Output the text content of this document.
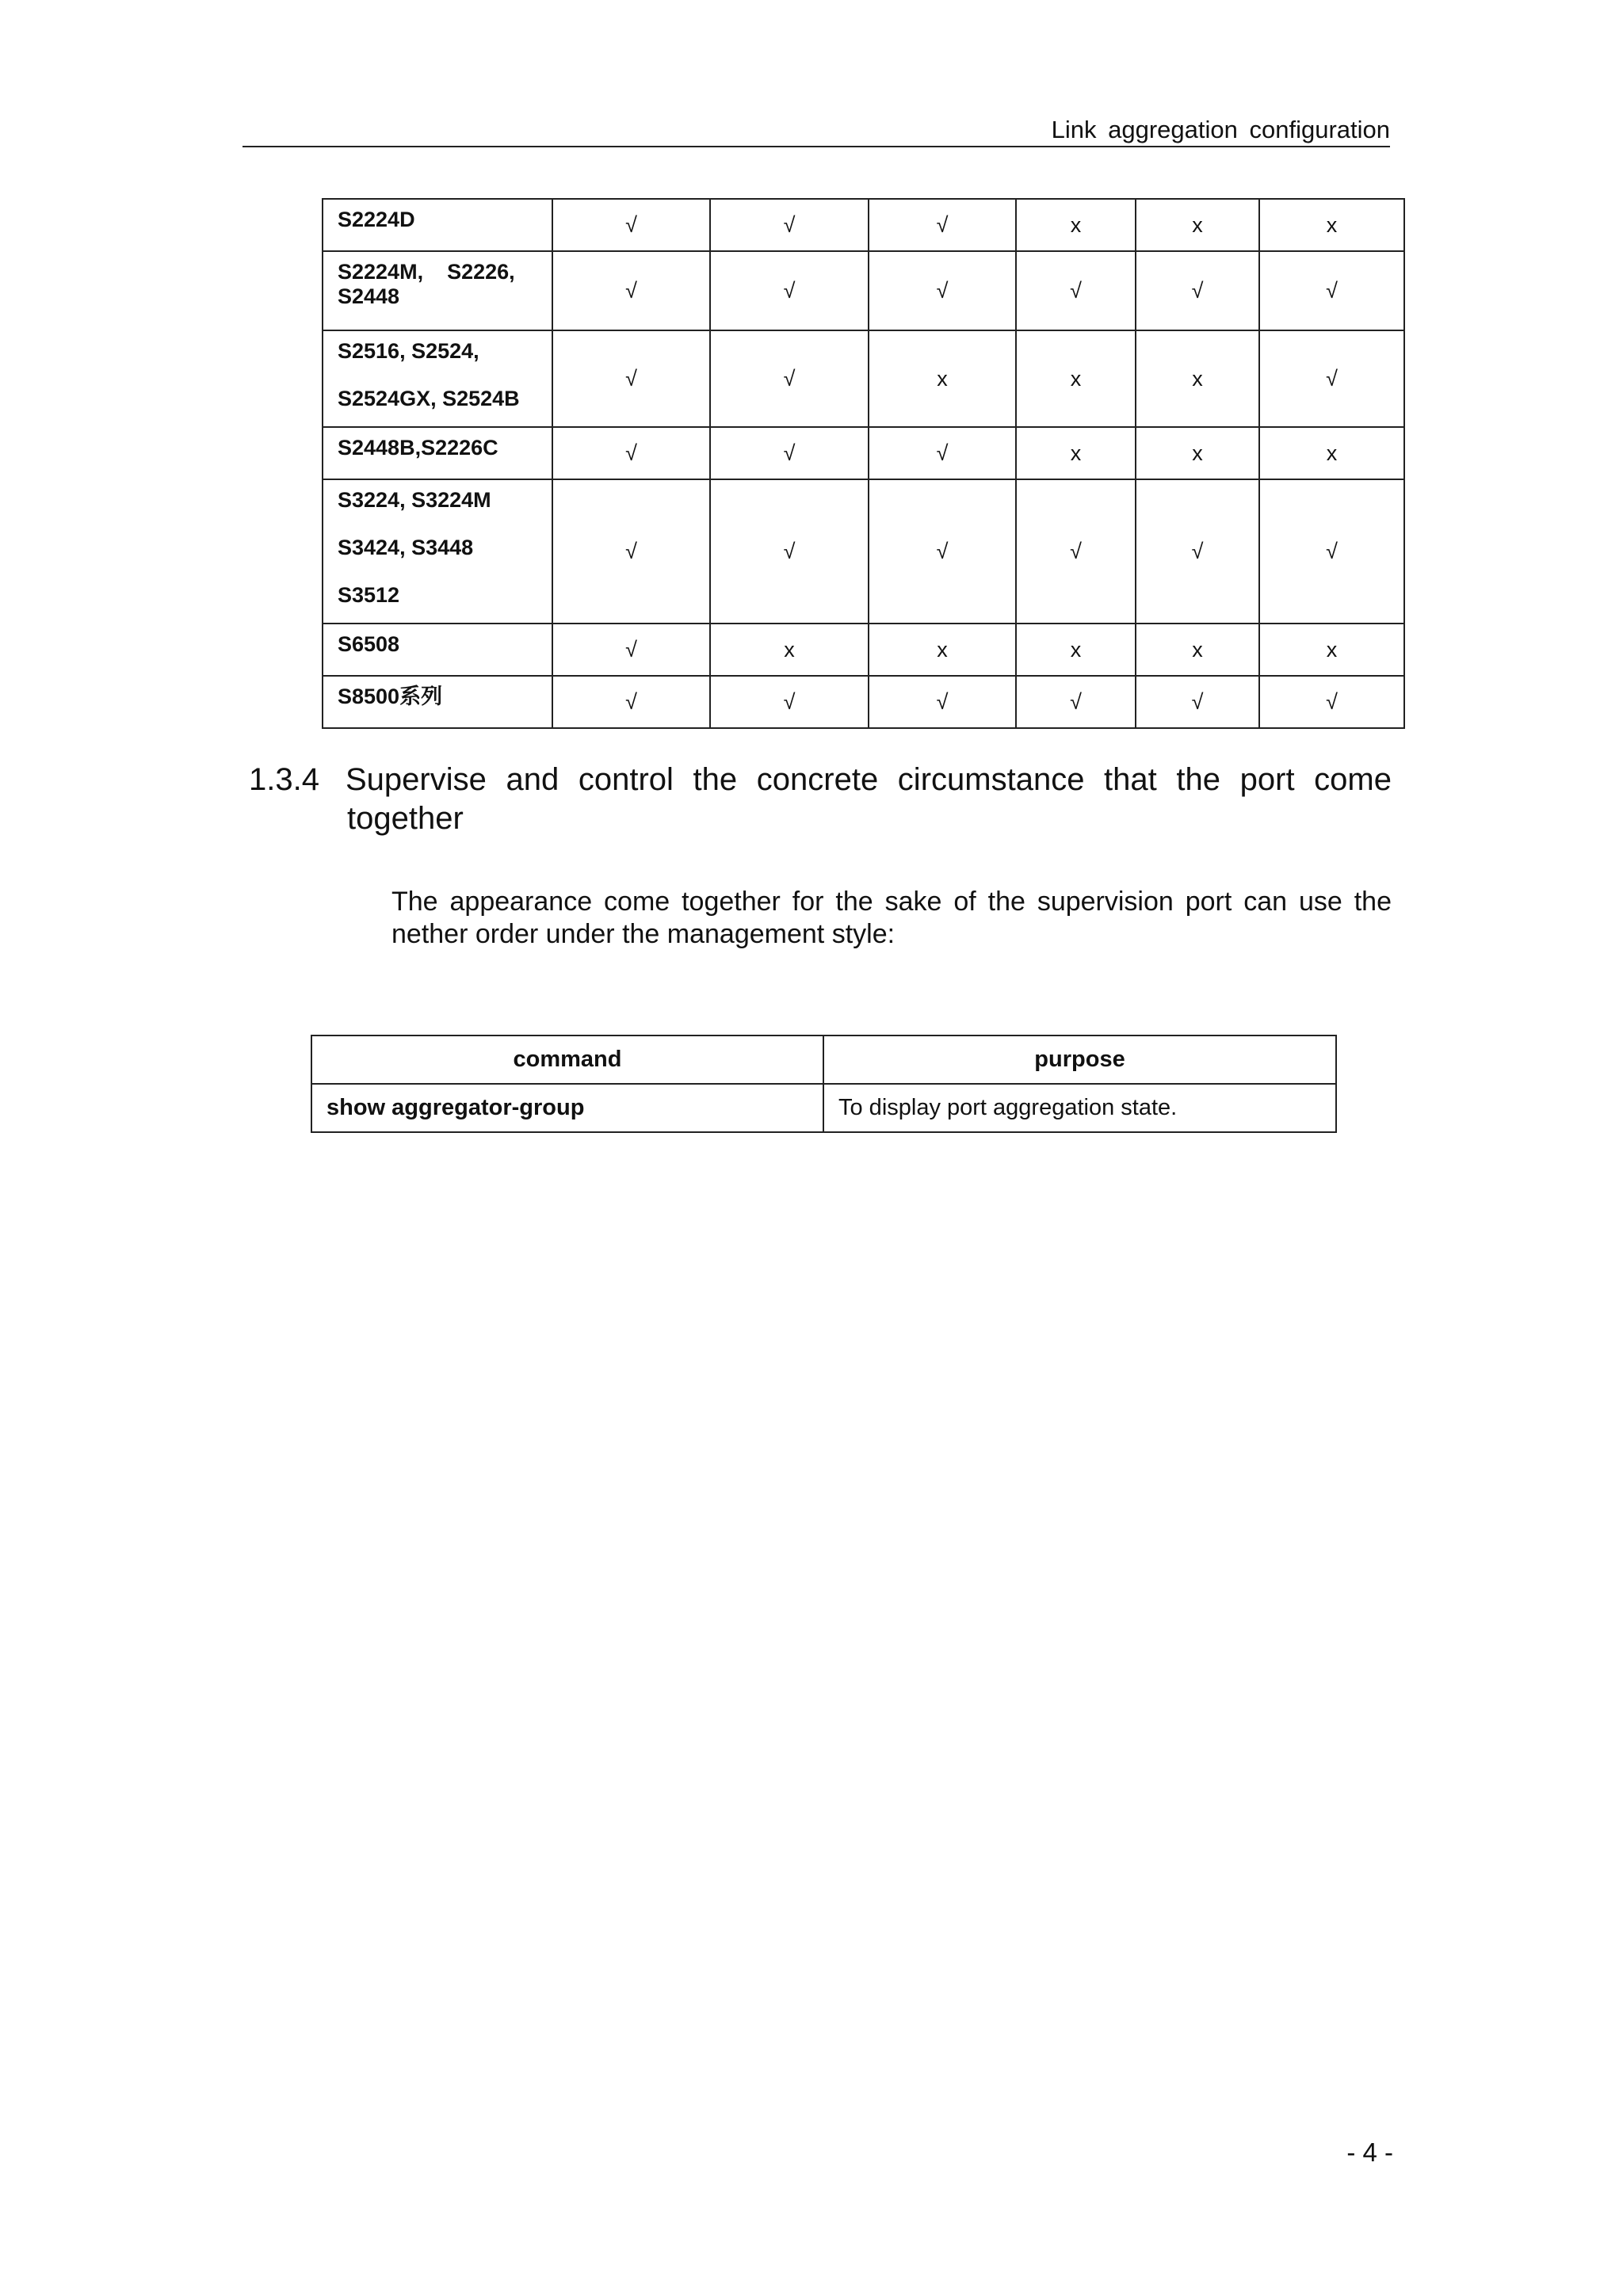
Link aggregation configuration
S2224D	√	√	√	x	x	x

S2224M,    S2226,
S2448	√	√	√	√	√	√

S2516, S2524,
S2524GX, S2524B	√	√	x	x	x	√

S2448B,S2226C	√	√	√	x	x	x

S3224, S3224M
S3424, S3448
S3512	√	√	√	√	√	√

S6508	√	x	x	x	x	x

S8500系列	√	√	√	√	√	√
1.3.4 Supervise and control the concrete circumstance that the port come
together
The appearance come together for the sake of the supervision port can use the
nether order under the management style:
command	purpose
show aggregator-group	To display port aggregation state.
- 4 -
